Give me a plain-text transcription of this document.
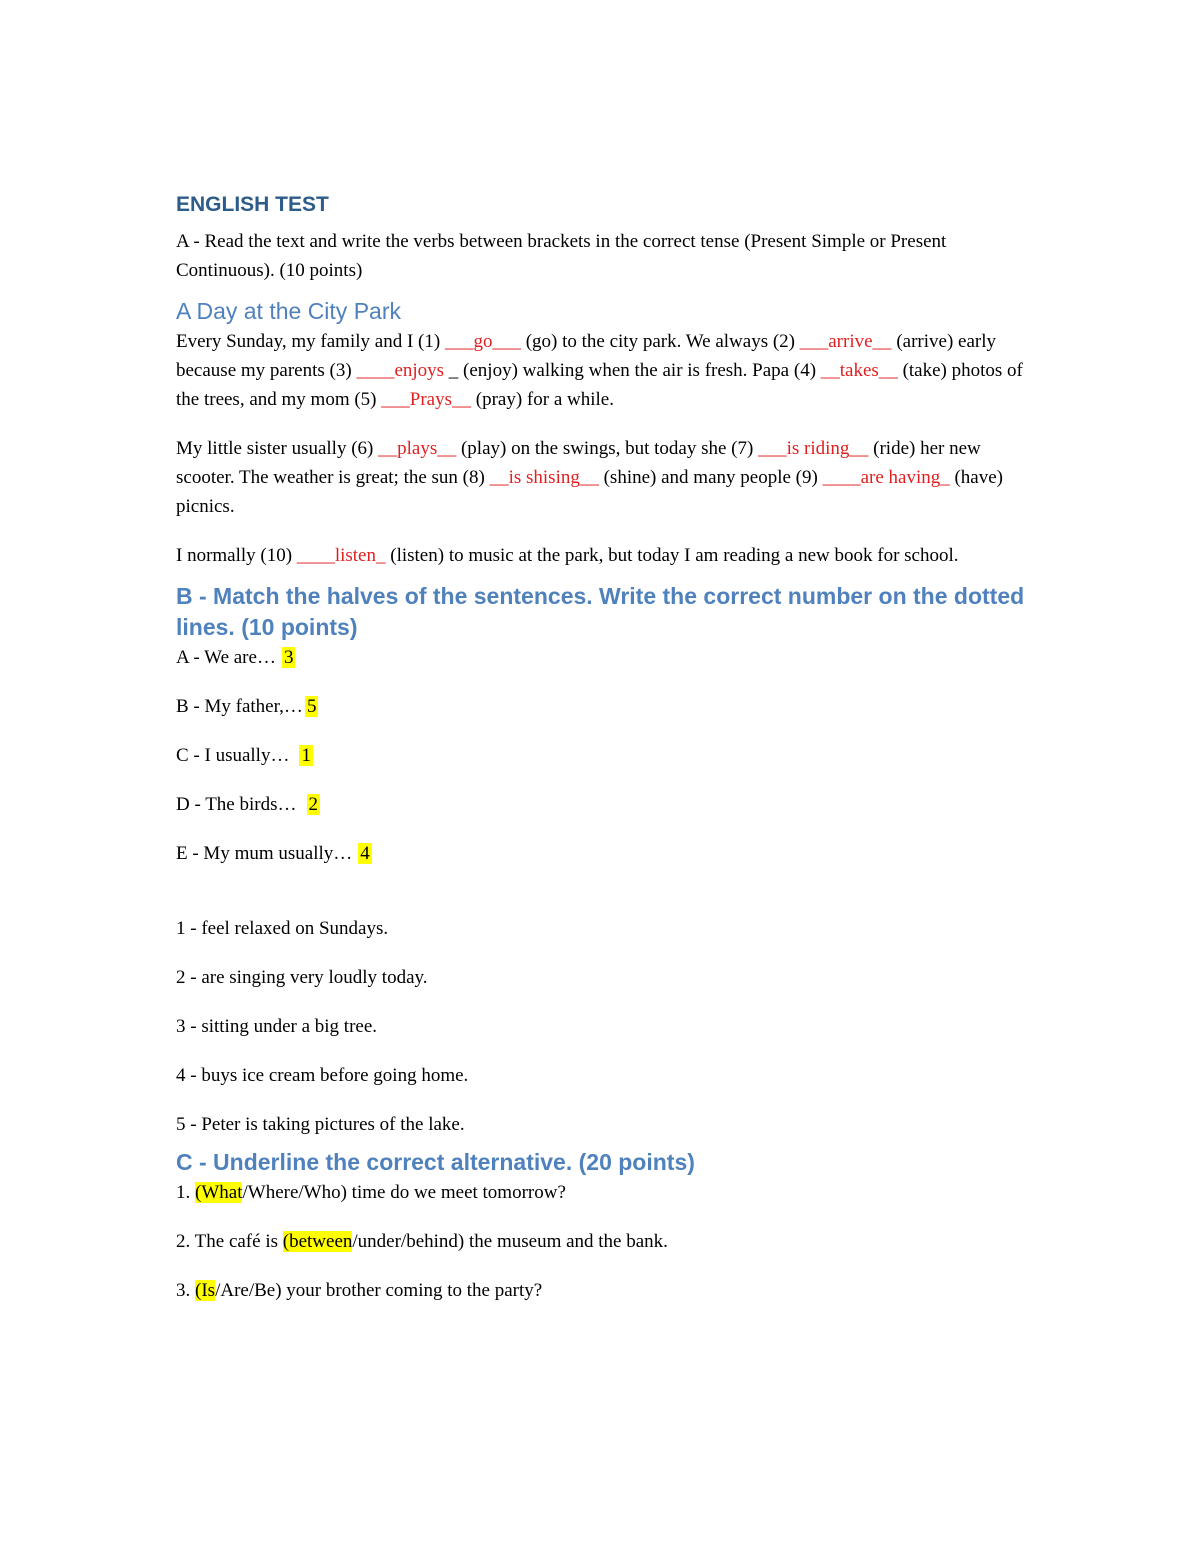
ENGLISH TEST

A - Read the text and write the verbs between brackets in the correct tense (Present Simple or Present Continuous). (10 points)

A Day at the City Park

Every Sunday, my family and I (1) ___go___ (go) to the city park. We always (2) ___arrive__ (arrive) early because my parents (3) ____enjoys _ (enjoy) walking when the air is fresh. Papa (4) __takes__ (take) photos of the trees, and my mom (5) ___Prays__ (pray) for a while.

My little sister usually (6) __plays__ (play) on the swings, but today she (7) ___is riding__ (ride) her new scooter. The weather is great; the sun (8) __is shising__ (shine) and many people (9) ____are having_ (have) picnics.

I normally (10) ____listen_ (listen) to music at the park, but today I am reading a new book for school.

B - Match the halves of the sentences. Write the correct number on the dotted lines. (10 points)
A - We are… 3
B - My father,… 5
C - I usually… 1
D - The birds… 2
E - My mum usually… 4
1 - feel relaxed on Sundays.
2 - are singing very loudly today.
3 - sitting under a big tree.
4 - buys ice cream before going home.
5 - Peter is taking pictures of the lake.
C - Underline the correct alternative. (20 points)
1. (What/Where/Who) time do we meet tomorrow?
2. The café is (between/under/behind) the museum and the bank.
3. (Is/Are/Be) your brother coming to the party?
